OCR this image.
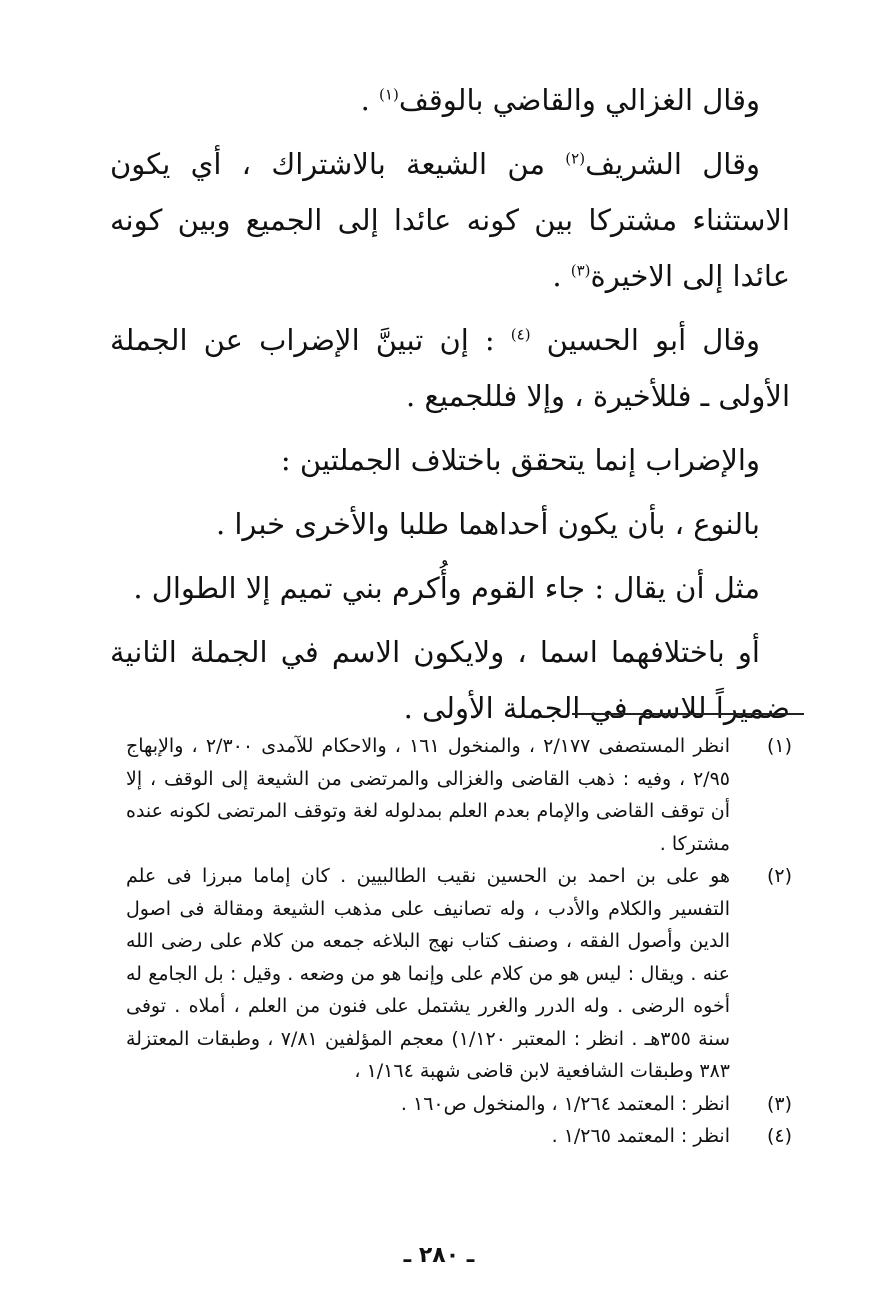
وقال الغزالي والقاضي بالوقف$^{(١)}$ .

وقال الشريف$^{(٢)}$ من الشيعة بالاشتراك ، أي يكون الاستثناء مشتركا بين كونه عائدا إلى الجميع وبين كونه عائدا إلى الاخيرة$^{(٣)}$ .

وقال أبو الحسين $^{(٤)}$ : إن تبينَّ الإضراب عن الجملة الأولى ـ فللأخيرة ، وإلا فللجميع .

والإضراب إنما يتحقق باختلاف الجملتين :

بالنوع ، بأن يكون أحداهما طلبا والأخرى خبرا .

مثل أن يقال : جاء القوم وأُكرم بني تميم إلا الطوال .

أو باختلافهما اسما ، ولايكون الاسم في الجملة الثانية ضميراً للاسم في الجملة الأولى .

(١)
انظر المستصفى ٢/١٧٧ ، والمنخول ١٦١ ، والاحكام للآمدى ٢/٣٠٠ ، والإبهاج ٢/٩٥ ، وفيه : ذهب القاضى والغزالى والمرتضى من الشيعة إلى الوقف ، إلا أن توقف القاضى والإمام بعدم العلم بمدلوله لغة وتوقف المرتضى لكونه عنده مشتركا .
(٢)
هو على بن احمد بن الحسين نقيب الطالبيين . كان إماما مبرزا فى علم التفسير والكلام والأدب ، وله تصانيف على مذهب الشيعة ومقالة فى اصول الدين وأصول الفقه ، وصنف كتاب نهج البلاغه جمعه من كلام على رضى الله عنه . ويقال : ليس هو من كلام على وإنما هو من وضعه . وقيل : بل الجامع له أخوه الرضى . وله الدرر والغرر يشتمل على فنون من العلم ، أملاه . توفى سنة ٣٥٥هـ . انظر : المعتبر ١/١٢٠) معجم المؤلفين ٧/٨١ ، وطبقات المعتزلة ٣٨٣ وطبقات الشافعية لابن قاضى شهبة ١/١٦٤ ،
(٣)
انظر : المعتمد ١/٢٦٤ ، والمنخول ص١٦٠ .
(٤)
انظر : المعتمد ١/٢٦٥ .
ـ ٢٨٠ ـ
